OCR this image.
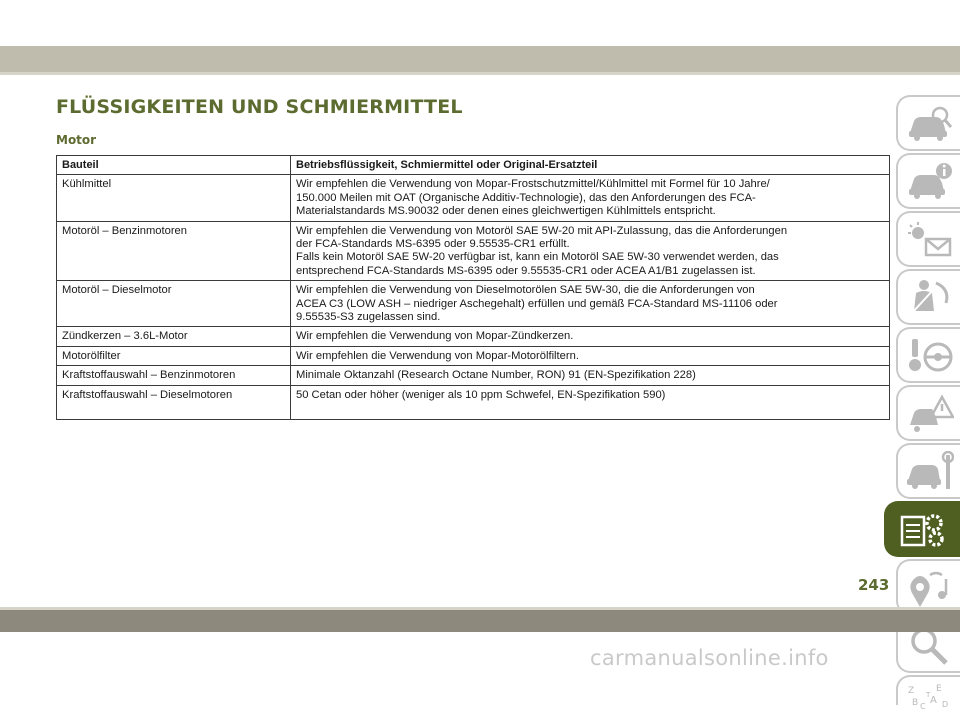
FLÜSSIGKEITEN UND SCHMIERMITTEL
Motor
Bauteil	Betriebsflüssigkeit, Schmiermittel oder Original-Ersatzteil
Kühlmittel	Wir empfehlen die Verwendung von Mopar-Frostschutzmittel/Kühlmittel mit Formel für 10 Jahre/
150.000 Meilen mit OAT (Organische Additiv-Technologie), das den Anforderungen des FCA-
Materialstandards MS.90032 oder denen eines gleichwertigen Kühlmittels entspricht.

Motoröl – Benzinmotoren	Wir empfehlen die Verwendung von Motoröl SAE 5W-20 mit API-Zulassung, das die Anforderungen
der FCA-Standards MS-6395 oder 9.55535-CR1 erfüllt.
Falls kein Motoröl SAE 5W-20 verfügbar ist, kann ein Motoröl SAE 5W-30 verwendet werden, das
entsprechend FCA-Standards MS-6395 oder 9.55535-CR1 oder ACEA A1/B1 zugelassen ist.

Motoröl – Dieselmotor	Wir empfehlen die Verwendung von Dieselmotorölen SAE 5W-30, die die Anforderungen von
ACEA C3 (LOW ASH – niedriger Aschegehalt) erfüllen und gemäß FCA-Standard MS-11106 oder
9.55535-S3 zugelassen sind.

Zündkerzen – 3.6L-Motor	Wir empfehlen die Verwendung von Mopar-Zündkerzen.

Motorölfilter	Wir empfehlen die Verwendung von Mopar-Motorölfiltern.

Kraftstoffauswahl – Benzinmotoren	Minimale Oktanzahl (Research Octane Number, RON) 91 (EN-Spezifikation 228)

Kraftstoffauswahl – Dieselmotoren	50 Cetan oder höher (weniger als 10 ppm Schwefel, EN-Spezifikation 590)
Z E
B A
C D
T
243
carmanualsonline.info
